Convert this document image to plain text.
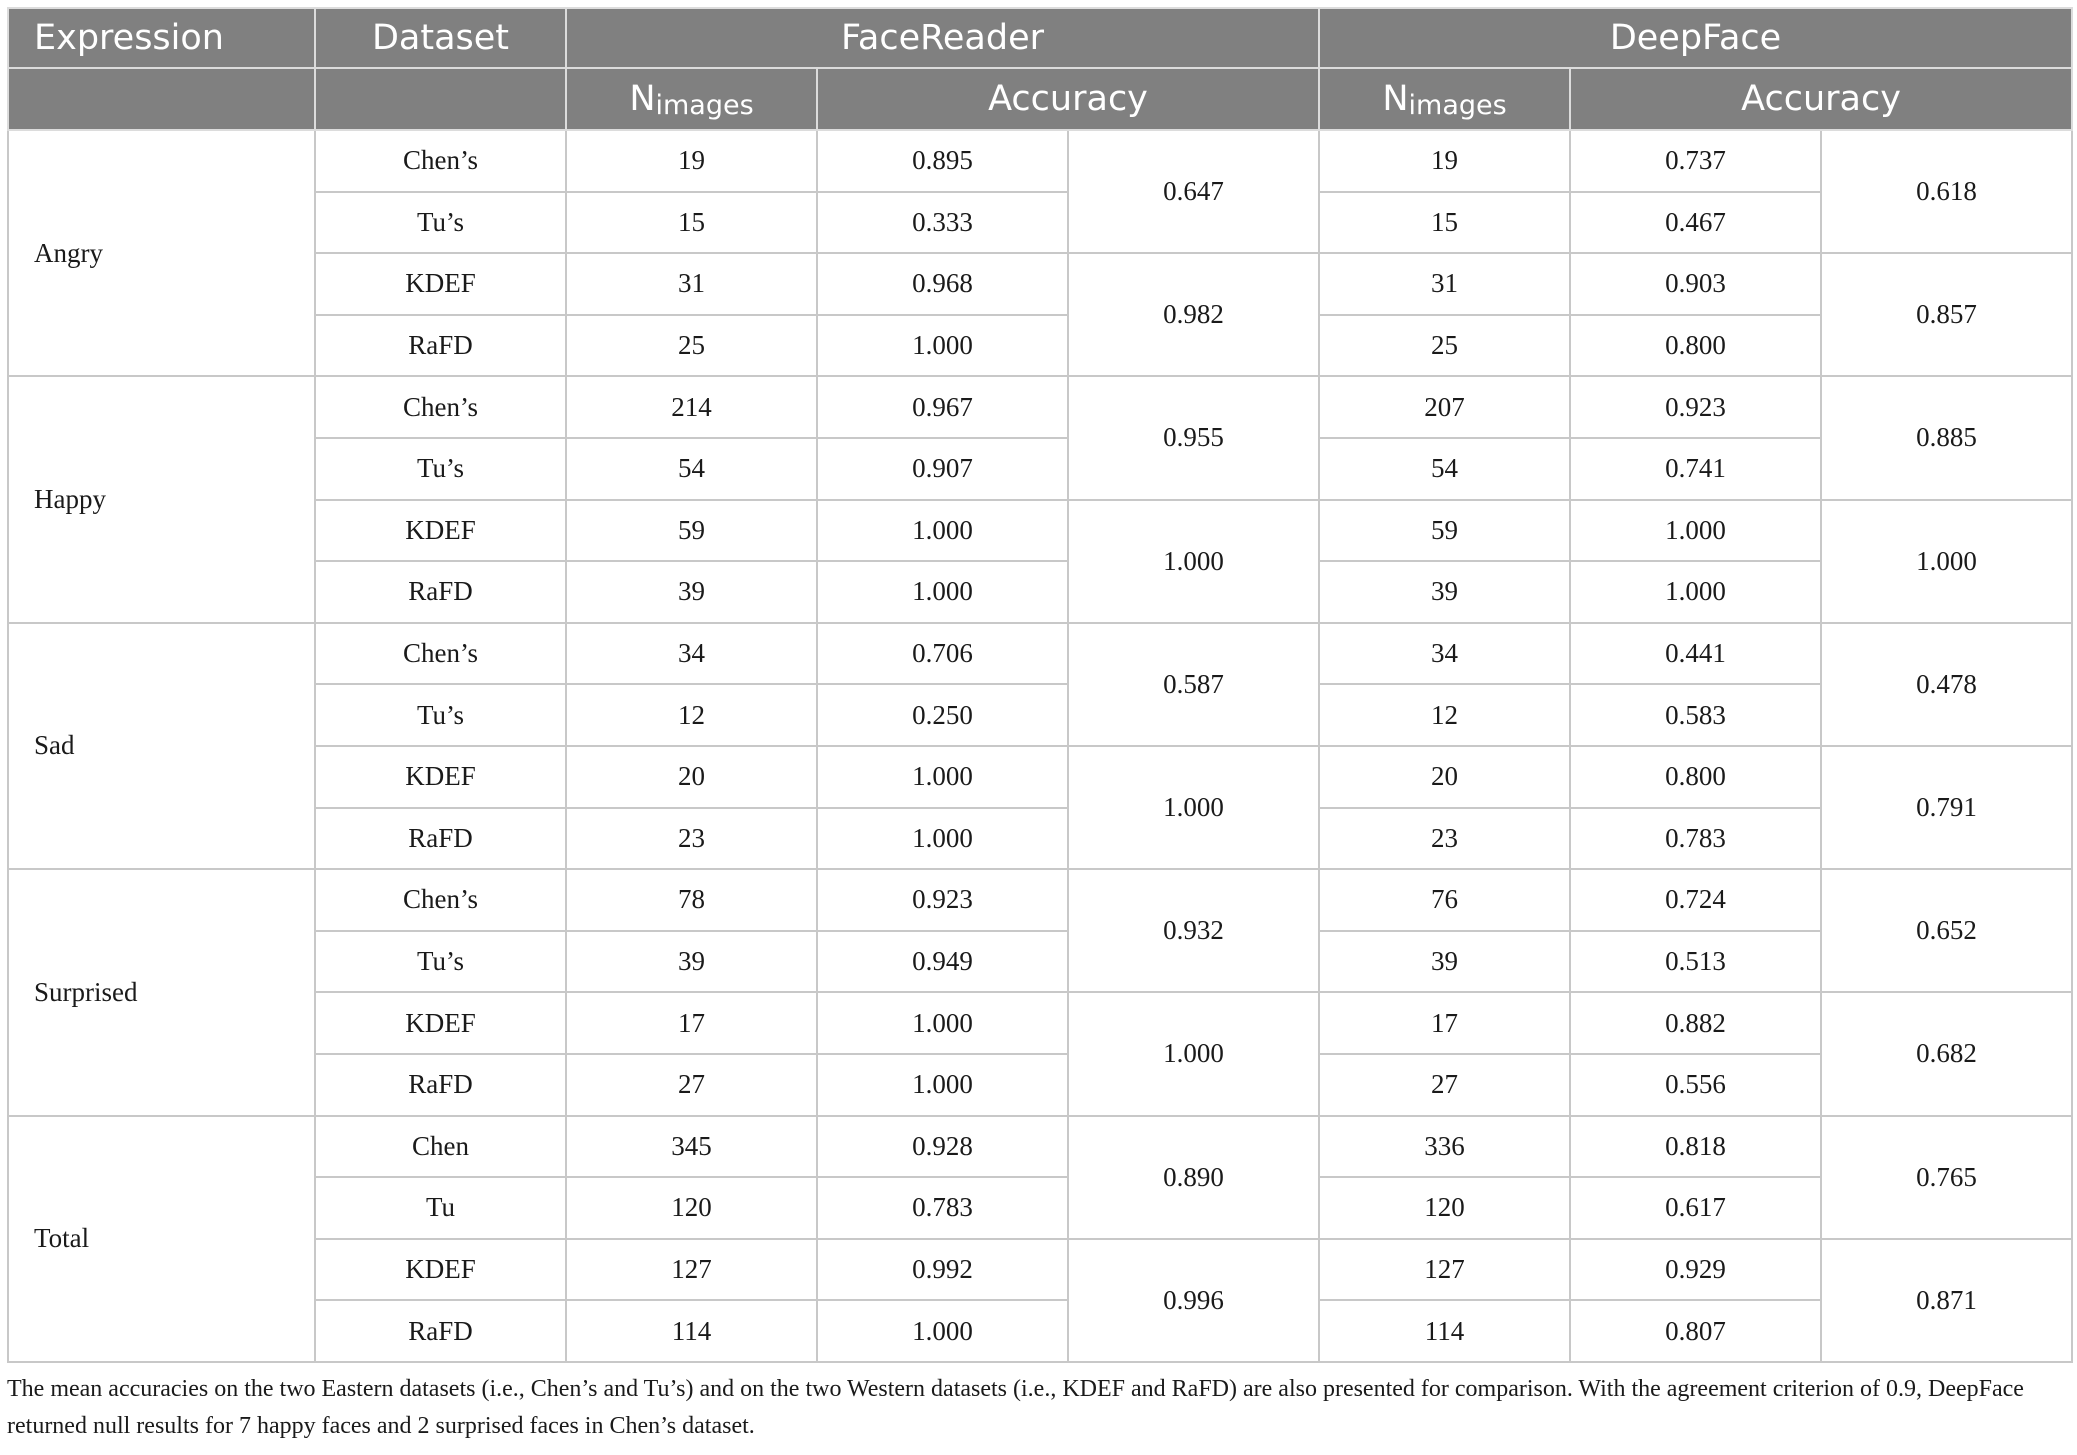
Expression	Dataset	FaceReader			DeepFace		
		$N_{images}$	Accuracy		$N_{images}$	Accuracy	
Angry	Chen’s	19	0.895	0.647	19	0.737	0.618
	Tu’s	15	0.333		15	0.467	
	KDEF	31	0.968	0.982	31	0.903	0.857
	RaFD	25	1.000		25	0.800	
Happy	Chen’s	214	0.967	0.955	207	0.923	0.885
	Tu’s	54	0.907		54	0.741	
	KDEF	59	1.000	1.000	59	1.000	1.000
	RaFD	39	1.000		39	1.000	
Sad	Chen’s	34	0.706	0.587	34	0.441	0.478
	Tu’s	12	0.250		12	0.583	
	KDEF	20	1.000	1.000	20	0.800	0.791
	RaFD	23	1.000		23	0.783	
Surprised	Chen’s	78	0.923	0.932	76	0.724	0.652
	Tu’s	39	0.949		39	0.513	
	KDEF	17	1.000	1.000	17	0.882	0.682
	RaFD	27	1.000		27	0.556	
Total	Chen	345	0.928	0.890	336	0.818	0.765
	Tu	120	0.783		120	0.617	
	KDEF	127	0.992	0.996	127	0.929	0.871
	RaFD	114	1.000		114	0.807	
The mean accuracies on the two Eastern datasets (i.e., Chen’s and Tu’s) and on the two Western datasets (i.e., KDEF and RaFD) are also presented for comparison. With the agreement criterion of 0.9, DeepFace returned null results for 7 happy faces and 2 surprised faces in Chen’s dataset.
